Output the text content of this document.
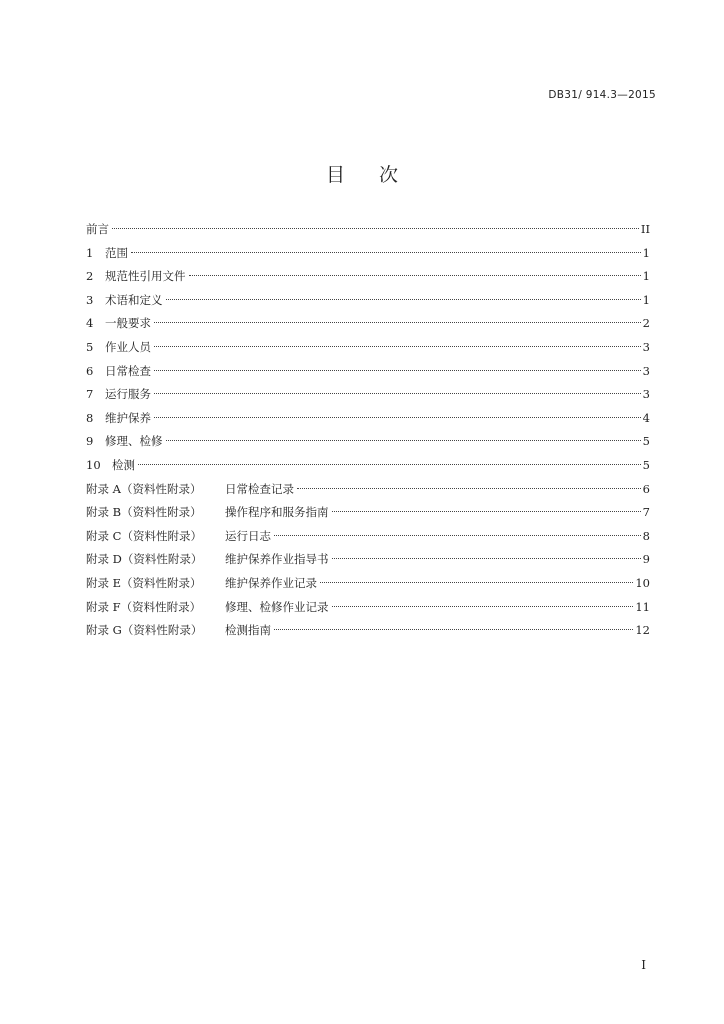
DB31/ 914.3—2015
目 次
前言	II
1	范围	1
2	规范性引用文件	1
3	术语和定义	1
4	一般要求	2
5	作业人员	3
6	日常检查	3
7	运行服务	3
8	维护保养	4
9	修理、检修	5
10 检测	5
附录 A（资料性附录）	日常检查记录	6
附录 B（资料性附录）	操作程序和服务指南	7
附录 C（资料性附录）	运行日志	8
附录 D（资料性附录）	维护保养作业指导书	9
附录 E（资料性附录）	维护保养作业记录	10
附录 F（资料性附录）	修理、检修作业记录	11
附录 G（资料性附录）	检测指南	12
I
